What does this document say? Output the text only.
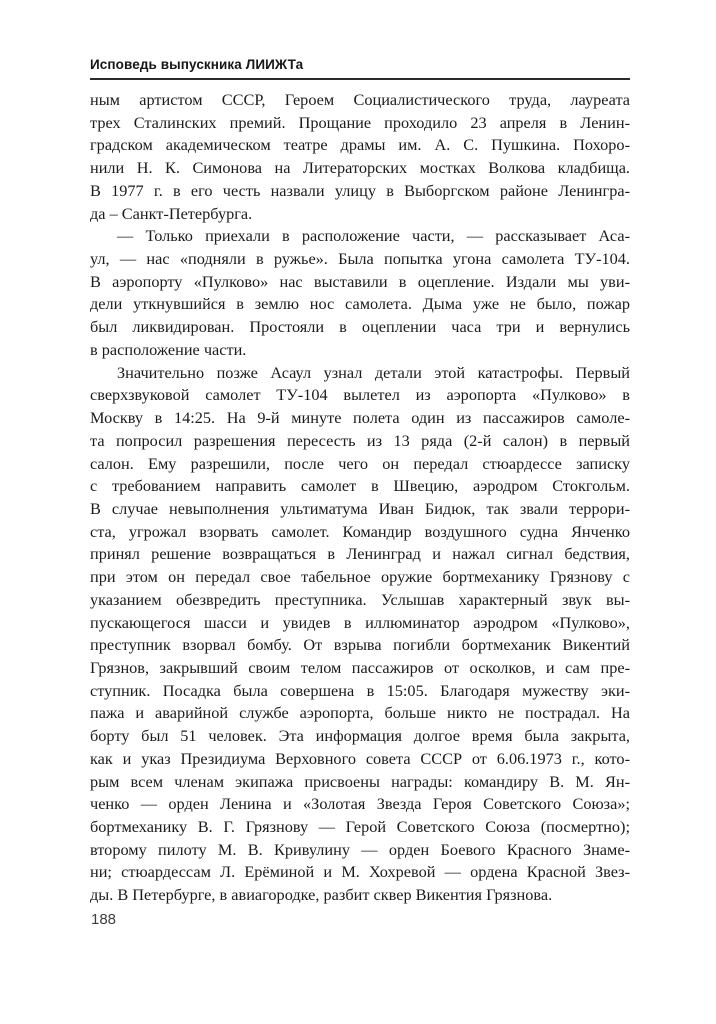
Исповедь выпускника ЛИИЖТа
ным артистом СССР, Героем Социалистического труда, лауреата
трех Сталинских премий. Прощание проходило 23 апреля в Ленин-
градском академическом театре драмы им. А. С. Пушкина. Похоро-
нили Н. К. Симонова на Литераторских мостках Волкова кладбища.
В 1977 г. в его честь назвали улицу в Выборгском районе Ленингра-
да – Санкт-Петербурга.
— Только приехали в расположение части, — рассказывает Аса-
ул, — нас «подняли в ружье». Была попытка угона самолета ТУ-104.
В аэропорту «Пулково» нас выставили в оцепление. Издали мы уви-
дели уткнувшийся в землю нос самолета. Дыма уже не было, пожар
был ликвидирован. Простояли в оцеплении часа три и вернулись
в расположение части.
Значительно позже Асаул узнал детали этой катастрофы. Первый
сверхзвуковой самолет ТУ-104 вылетел из аэропорта «Пулково» в
Москву в 14:25. На 9-й минуте полета один из пассажиров самоле-
та попросил разрешения пересесть из 13 ряда (2-й салон) в первый
салон. Ему разрешили, после чего он передал стюардессе записку
с требованием направить самолет в Швецию, аэродром Стокгольм.
В случае невыполнения ультиматума Иван Бидюк, так звали террори-
ста, угрожал взорвать самолет. Командир воздушного судна Янченко
принял решение возвращаться в Ленинград и нажал сигнал бедствия,
при этом он передал свое табельное оружие бортмеханику Грязнову с
указанием обезвредить преступника. Услышав характерный звук вы-
пускающегося шасси и увидев в иллюминатор аэродром «Пулково»,
преступник взорвал бомбу. От взрыва погибли бортмеханик Викентий
Грязнов, закрывший своим телом пассажиров от осколков, и сам пре-
ступник. Посадка была совершена в 15:05. Благодаря мужеству эки-
пажа и аварийной службе аэропорта, больше никто не пострадал. На
борту был 51 человек. Эта информация долгое время была закрыта,
как и указ Президиума Верховного совета СССР от 6.06.1973 г., кото-
рым всем членам экипажа присвоены награды: командиру В. М. Ян-
ченко — орден Ленина и «Золотая Звезда Героя Советского Союза»;
бортмеханику В. Г. Грязнову — Герой Советского Союза (посмертно);
второму пилоту М. В. Кривулину — орден Боевого Красного Знаме-
ни; стюардессам Л. Ерёминой и М. Хохревой — ордена Красной Звез-
ды. В Петербурге, в авиагородке, разбит сквер Викентия Грязнова.
188
